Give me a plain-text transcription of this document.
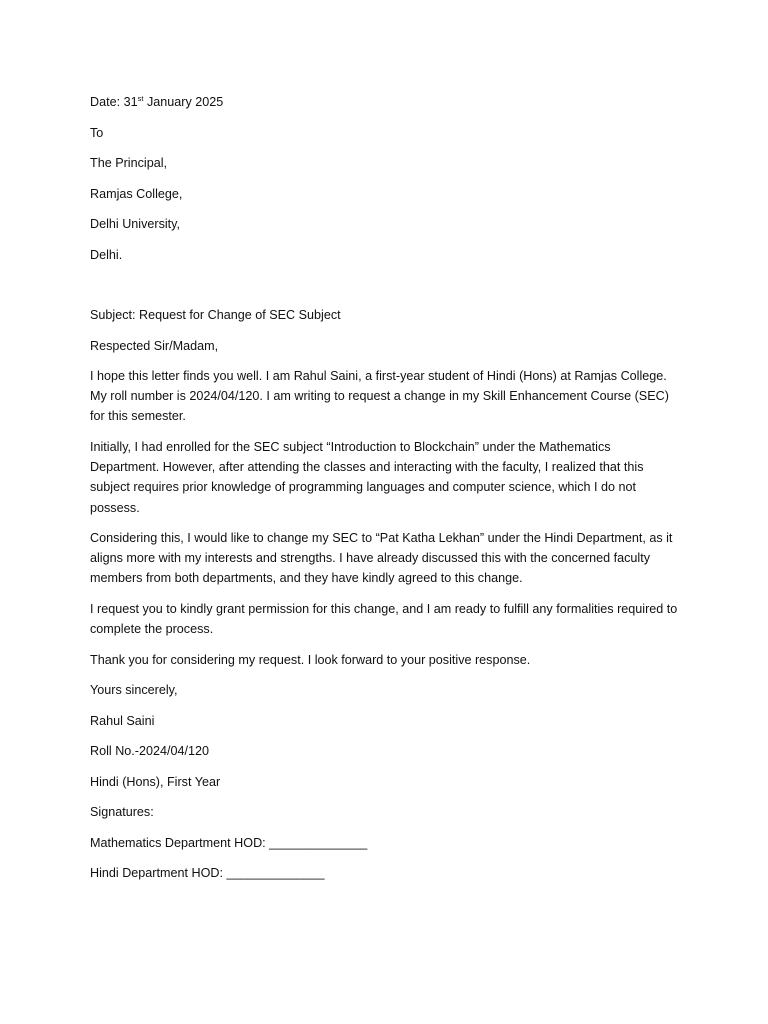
Date: 31st January 2025
To
The Principal,
Ramjas College,
Delhi University,
Delhi.
Subject: Request for Change of SEC Subject
Respected Sir/Madam,
I hope this letter finds you well. I am Rahul Saini, a first-year student of Hindi (Hons) at Ramjas College. My roll number is 2024/04/120. I am writing to request a change in my Skill Enhancement Course (SEC) for this semester.
Initially, I had enrolled for the SEC subject “Introduction to Blockchain” under the Mathematics Department. However, after attending the classes and interacting with the faculty, I realized that this subject requires prior knowledge of programming languages and computer science, which I do not possess.
Considering this, I would like to change my SEC to “Pat Katha Lekhan” under the Hindi Department, as it aligns more with my interests and strengths. I have already discussed this with the concerned faculty members from both departments, and they have kindly agreed to this change.
I request you to kindly grant permission for this change, and I am ready to fulfill any formalities required to complete the process.
Thank you for considering my request. I look forward to your positive response.
Yours sincerely,
Rahul Saini
Roll No.-2024/04/120
Hindi (Hons), First Year
Signatures:
Mathematics Department HOD: ______________
Hindi Department HOD: ______________
